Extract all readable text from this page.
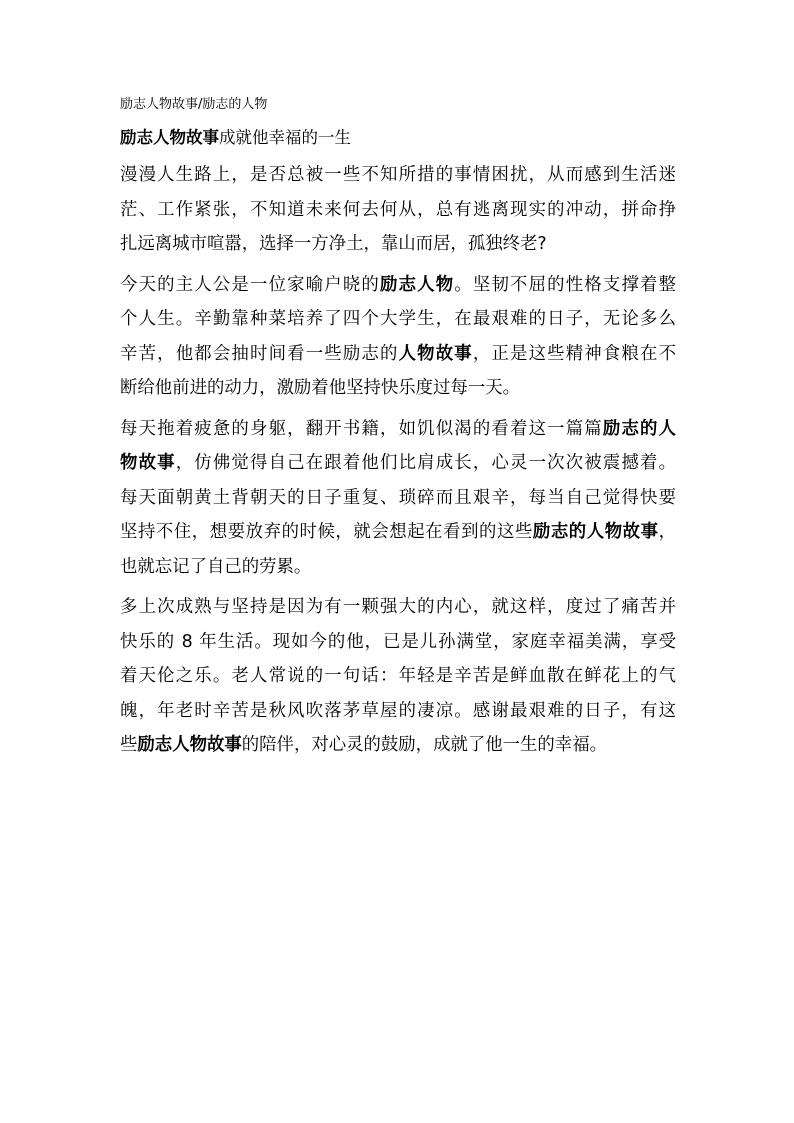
励志人物故事/励志的人物
励志人物故事成就他幸福的一生
漫漫人生路上，是否总被一些不知所措的事情困扰，从而感到生活迷
茫、工作紧张，不知道未来何去何从，总有逃离现实的冲动，拼命挣
扎远离城市喧嚣，选择一方净土，靠山而居，孤独终老?
今天的主人公是一位家喻户晓的励志人物。坚韧不屈的性格支撑着整
个人生。辛勤靠种菜培养了四个大学生，在最艰难的日子，无论多么
辛苦，他都会抽时间看一些励志的人物故事，正是这些精神食粮在不
断给他前进的动力，激励着他坚持快乐度过每一天。
每天拖着疲惫的身躯，翻开书籍，如饥似渴的看着这一篇篇励志的人
物故事，仿佛觉得自己在跟着他们比肩成长，心灵一次次被震撼着。
每天面朝黄土背朝天的日子重复、琐碎而且艰辛，每当自己觉得快要
坚持不住，想要放弃的时候，就会想起在看到的这些励志的人物故事，
也就忘记了自己的劳累。
多上次成熟与坚持是因为有一颗强大的内心，就这样，度过了痛苦并
快乐的 8 年生活。现如今的他，已是儿孙满堂，家庭幸福美满，享受
着天伦之乐。老人常说的一句话：年轻是辛苦是鲜血散在鲜花上的气
魄，年老时辛苦是秋风吹落茅草屋的凄凉。感谢最艰难的日子，有这
些励志人物故事的陪伴，对心灵的鼓励，成就了他一生的幸福。
